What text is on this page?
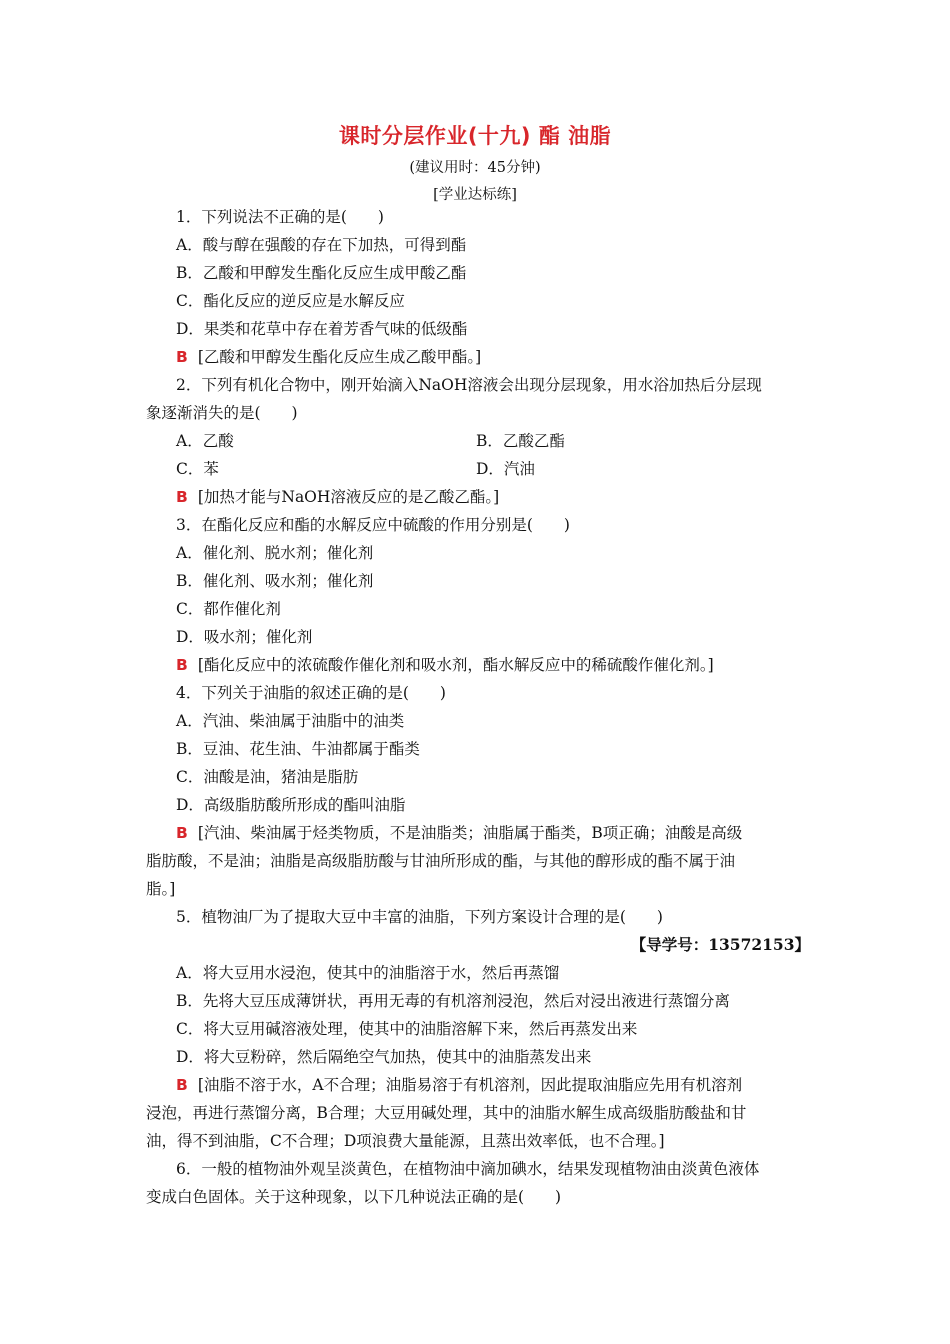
课时分层作业(十九) 酯 油脂
(建议用时：45分钟)
[学业达标练]
1．下列说法不正确的是(　　)
A．酸与醇在强酸的存在下加热，可得到酯
B．乙酸和甲醇发生酯化反应生成甲酸乙酯
C．酯化反应的逆反应是水解反应
D．果类和花草中存在着芳香气味的低级酯
B [乙酸和甲醇发生酯化反应生成乙酸甲酯。]
2．下列有机化合物中，刚开始滴入NaOH溶液会出现分层现象，用水浴加热后分层现
象逐渐消失的是(　　)
A．乙酸	B．乙酸乙酯
C．苯	D．汽油
B [加热才能与NaOH溶液反应的是乙酸乙酯。]
3．在酯化反应和酯的水解反应中硫酸的作用分别是(　　)
A．催化剂、脱水剂；催化剂
B．催化剂、吸水剂；催化剂
C．都作催化剂
D．吸水剂；催化剂
B [酯化反应中的浓硫酸作催化剂和吸水剂，酯水解反应中的稀硫酸作催化剂。]
4．下列关于油脂的叙述正确的是(　　)
A．汽油、柴油属于油脂中的油类
B．豆油、花生油、牛油都属于酯类
C．油酸是油，猪油是脂肪
D．高级脂肪酸所形成的酯叫油脂
B [汽油、柴油属于烃类物质，不是油脂类；油脂属于酯类，B项正确；油酸是高级
脂肪酸，不是油；油脂是高级脂肪酸与甘油所形成的酯，与其他的醇形成的酯不属于油
脂。]
5．植物油厂为了提取大豆中丰富的油脂，下列方案设计合理的是(　　)
【导学号：13572153】
A．将大豆用水浸泡，使其中的油脂溶于水，然后再蒸馏
B．先将大豆压成薄饼状，再用无毒的有机溶剂浸泡，然后对浸出液进行蒸馏分离
C．将大豆用碱溶液处理，使其中的油脂溶解下来，然后再蒸发出来
D．将大豆粉碎，然后隔绝空气加热，使其中的油脂蒸发出来
B [油脂不溶于水，A不合理；油脂易溶于有机溶剂，因此提取油脂应先用有机溶剂
浸泡，再进行蒸馏分离，B合理；大豆用碱处理，其中的油脂水解生成高级脂肪酸盐和甘
油，得不到油脂，C不合理；D项浪费大量能源，且蒸出效率低，也不合理。]
6．一般的植物油外观呈淡黄色，在植物油中滴加碘水，结果发现植物油由淡黄色液体
变成白色固体。关于这种现象，以下几种说法正确的是(　　)
